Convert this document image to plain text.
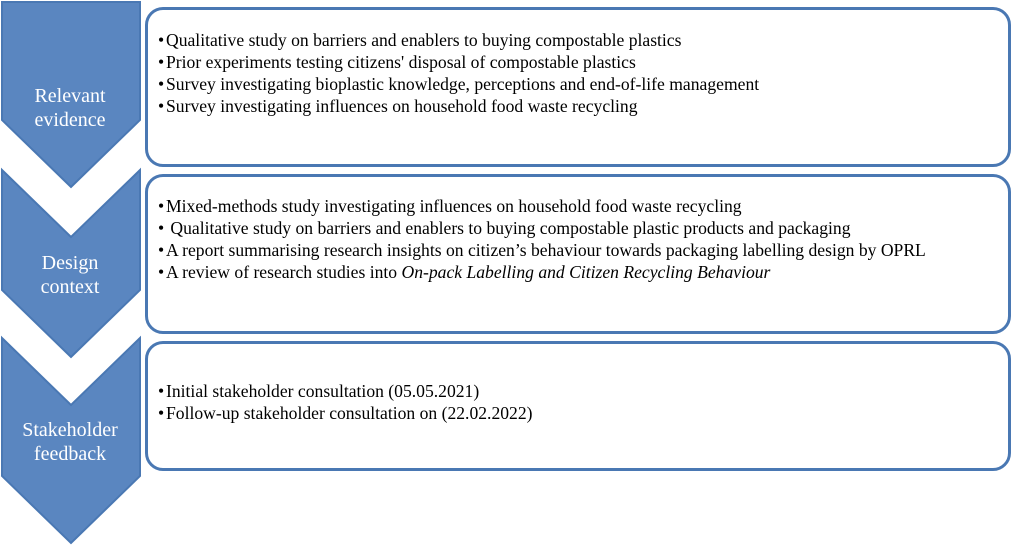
Relevant
evidence
Design
context
Stakeholder
feedback
• Qualitative study on barriers and enablers to buying compostable plastics
• Prior experiments testing citizens' disposal of compostable plastics
• Survey investigating bioplastic knowledge, perceptions and end-of-life management
• Survey investigating influences on household food waste recycling
• Mixed-methods study investigating influences on household food waste recycling
• Qualitative study on barriers and enablers to buying compostable plastic products and packaging
• A report summarising research insights on citizen’s behaviour towards packaging labelling design by OPRL
• A review of research studies into On-pack Labelling and Citizen Recycling Behaviour
• Initial stakeholder consultation (05.05.2021)
• Follow-up stakeholder consultation on (22.02.2022)
